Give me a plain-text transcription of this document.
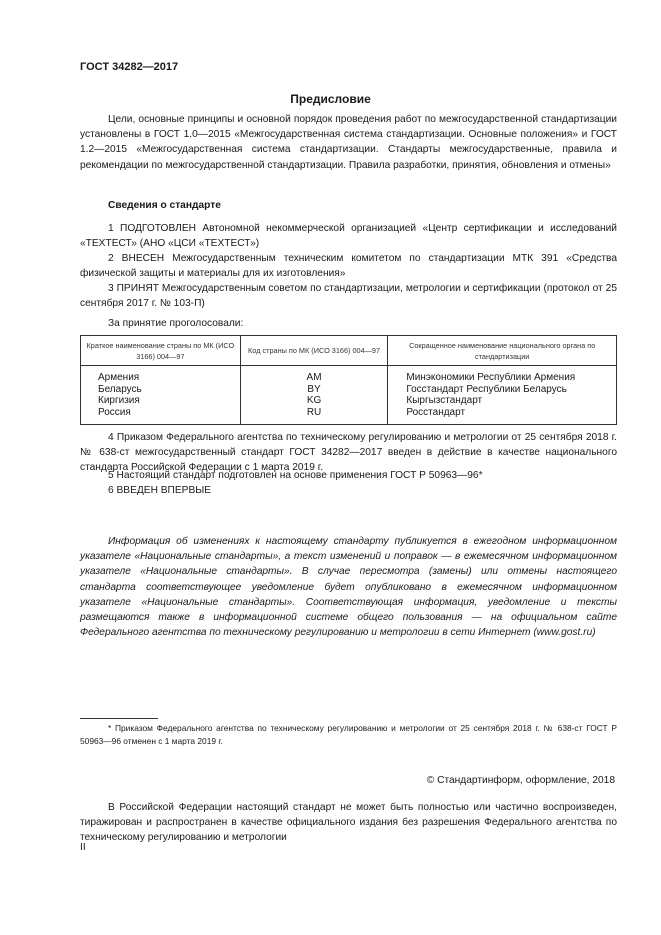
ГОСТ 34282—2017
Предисловие
Цели, основные принципы и основной порядок проведения работ по межгосударственной стандартизации установлены в ГОСТ 1.0—2015 «Межгосударственная система стандартизации. Основные положения» и ГОСТ 1.2—2015 «Межгосударственная система стандартизации. Стандарты межгосударственные, правила и рекомендации по межгосударственной стандартизации. Правила разработки, принятия, обновления и отмены»
Сведения о стандарте
1 ПОДГОТОВЛЕН Автономной некоммерческой организацией «Центр сертификации и исследований «ТЕХТЕСТ» (АНО «ЦСИ «ТЕХТЕСТ»)
2 ВНЕСЕН Межгосударственным техническим комитетом по стандартизации МТК 391 «Средства физической защиты и материалы для их изготовления»
3 ПРИНЯТ Межгосударственным советом по стандартизации, метрологии и сертификации (протокол от 25 сентября 2017 г. № 103-П)
За принятие проголосовали:
Краткое наименование страны по МК (ИСО 3166) 004—97	Код страны по МК (ИСО 3166) 004—97	Сокращенное наименование национального органа по стандартизации
Армения	AM	Минэкономики Республики Армения
Беларусь	BY	Госстандарт Республики Беларусь
Киргизия	KG	Кыргызстандарт
Россия	RU	Росстандарт
4 Приказом Федерального агентства по техническому регулированию и метрологии от 25 сентября 2018 г. № 638-ст межгосударственный стандарт ГОСТ 34282—2017 введен в действие в качестве национального стандарта Российской Федерации с 1 марта 2019 г.
5 Настоящий стандарт подготовлен на основе применения ГОСТ Р 50963—96*
6 ВВЕДЕН ВПЕРВЫЕ
Информация об изменениях к настоящему стандарту публикуется в ежегодном информационном указателе «Национальные стандарты», а текст изменений и поправок — в ежемесячном информационном указателе «Национальные стандарты». В случае пересмотра (замены) или отмены настоящего стандарта соответствующее уведомление будет опубликовано в ежемесячном информационном указателе «Национальные стандарты». Соответствующая информация, уведомление и тексты размещаются также в информационной системе общего пользования — на официальном сайте Федерального агентства по техническому регулированию и метрологии в сети Интернет (www.gost.ru)
* Приказом Федерального агентства по техническому регулированию и метрологии от 25 сентября 2018 г. № 638-ст ГОСТ Р 50963—96 отменен с 1 марта 2019 г.
© Стандартинформ, оформление, 2018
В Российской Федерации настоящий стандарт не может быть полностью или частично воспроизведен, тиражирован и распространен в качестве официального издания без разрешения Федерального агентства по техническому регулированию и метрологии
II
